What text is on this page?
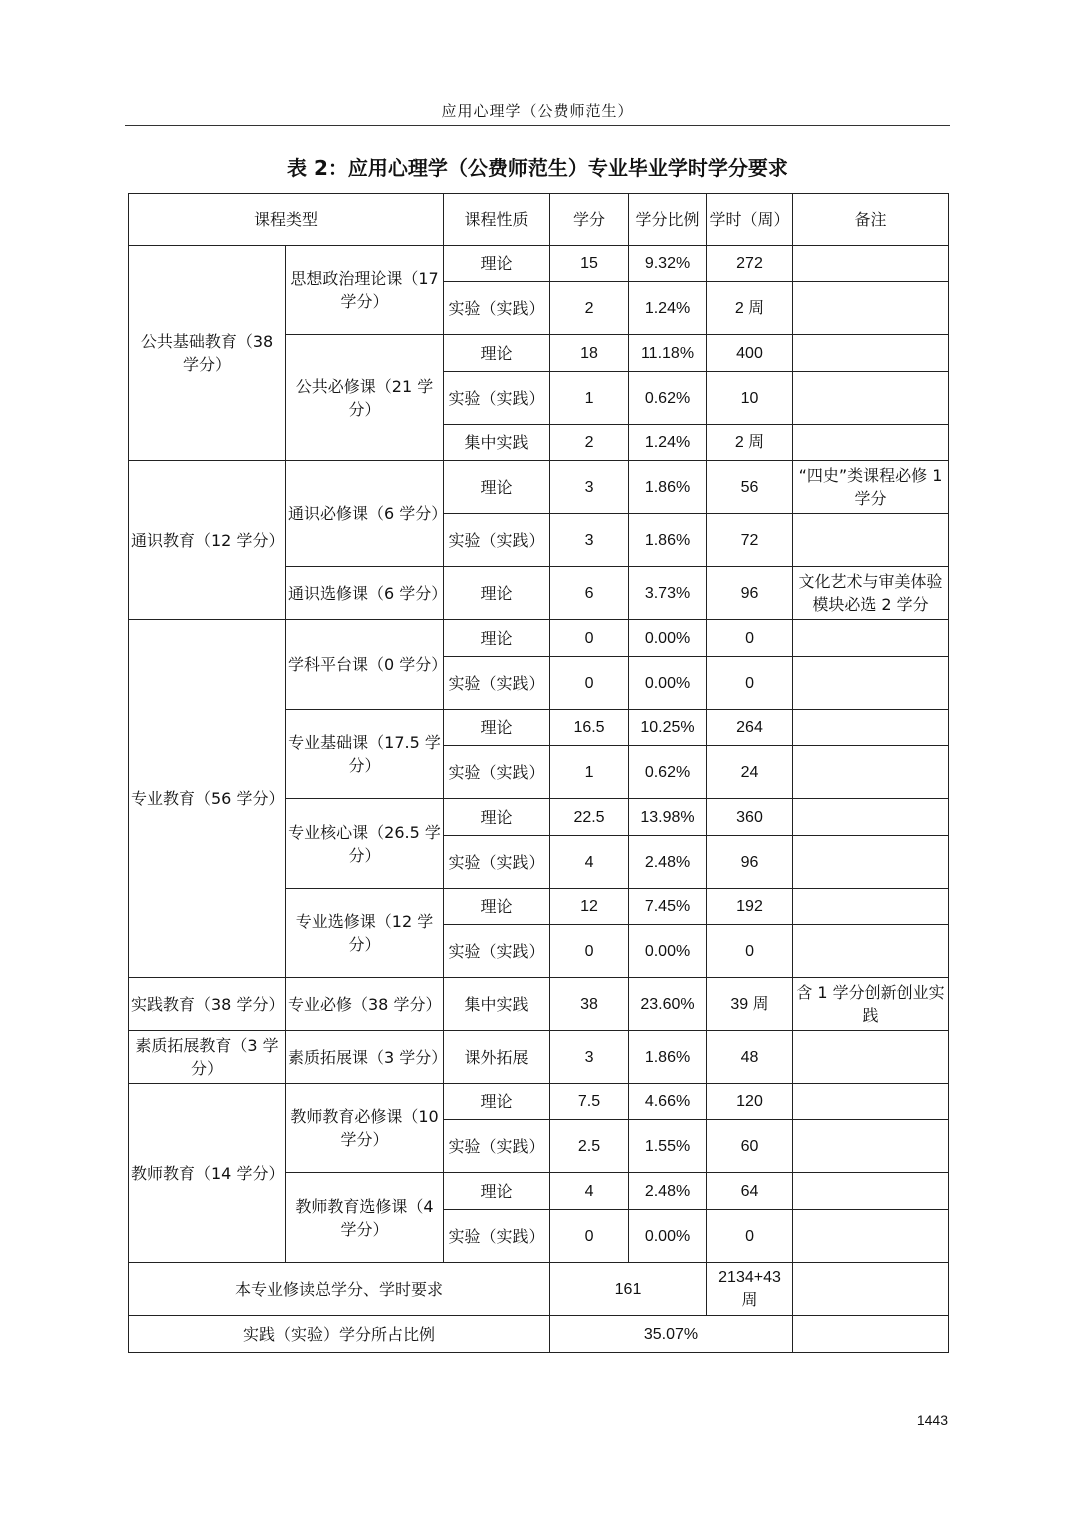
应用心理学（公费师范生）
表 2：应用心理学（公费师范生）专业毕业学时学分要求
课程类型		课程性质	学分	学分比例	学时（周）	备注
公共基础教育（38 学分）	思想政治理论课（17 学分）	理论	15	9.32%	272	
		实验（实践）	2	1.24%	2 周	
	公共必修课（21 学分）	理论	18	11.18%	400	
		实验（实践）	1	0.62%	10	
		集中实践	2	1.24%	2 周	
通识教育（12 学分）	通识必修课（6 学分）	理论	3	1.86%	56	“四史”类课程必修 1 学分
		实验（实践）	3	1.86%	72	
	通识选修课（6 学分）	理论	6	3.73%	96	文化艺术与审美体验模块必选 2 学分
专业教育（56 学分）	学科平台课（0 学分）	理论	0	0.00%	0	
		实验（实践）	0	0.00%	0	
	专业基础课（17.5 学分）	理论	16.5	10.25%	264	
		实验（实践）	1	0.62%	24	
	专业核心课（26.5 学分）	理论	22.5	13.98%	360	
		实验（实践）	4	2.48%	96	
	专业选修课（12 学分）	理论	12	7.45%	192	
		实验（实践）	0	0.00%	0	
实践教育（38 学分）	专业必修（38 学分）	集中实践	38	23.60%	39 周	含 1 学分创新创业实践
素质拓展教育（3 学分）	素质拓展课（3 学分）	课外拓展	3	1.86%	48	
教师教育（14 学分）	教师教育必修课（10 学分）	理论	7.5	4.66%	120	
		实验（实践）	2.5	1.55%	60	
	教师教育选修课（4 学分）	理论	4	2.48%	64	
		实验（实践）	0	0.00%	0	
本专业修读总学分、学时要求			161		2134+43 周	
实践（实验）学分所占比例			35.07%			
1443
